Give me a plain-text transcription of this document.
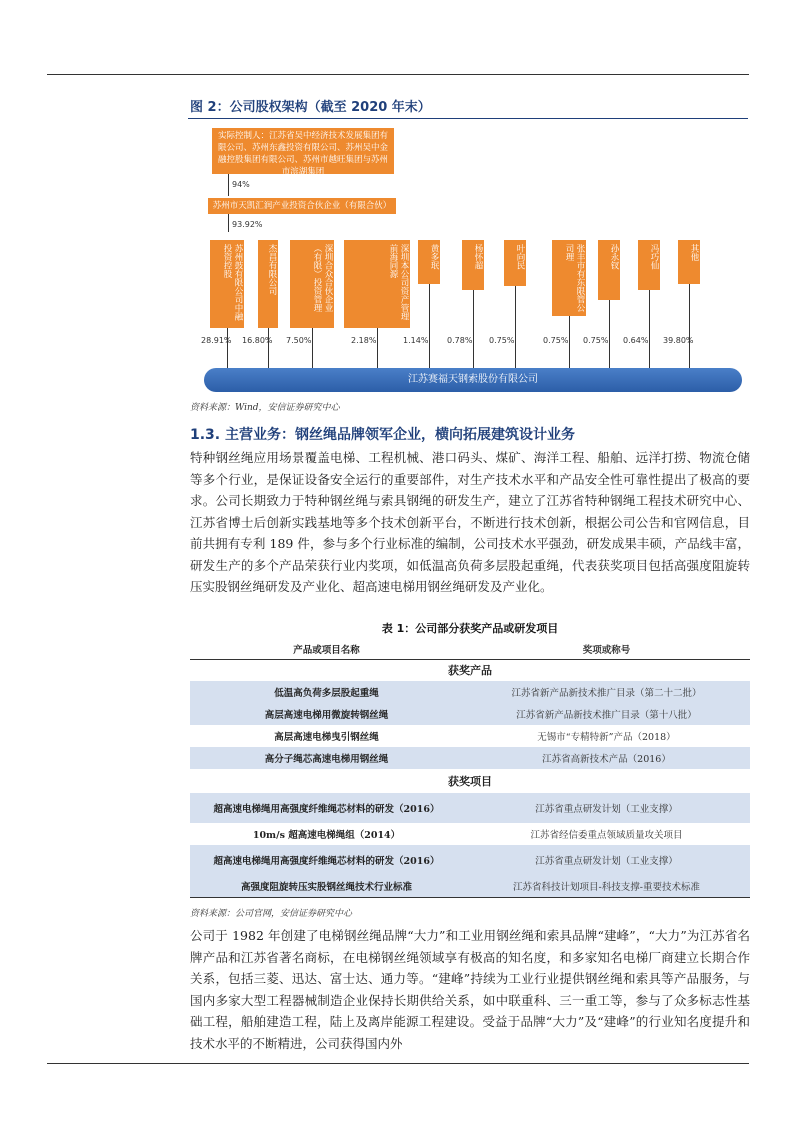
图 2：公司股权架构（截至 2020 年末）
实际控制人：江苏省吴中经济技术发展集团有限公司、苏州东鑫投资有限公司、苏州吴中金融控股集团有限公司、苏州市越旺集团与苏州市滨湖集团
94%
苏州市天凯汇润产业投资合伙企业（有限合伙）
93.92%
苏州鼓有限公司中融投资控股
28.91%
杰昌有限公司
16.80%
深圳合众合伙企业（有限）投资管理
7.50%
深圳本公司资产管理前海同源
2.18%
黄多珉
1.14%
杨怀超
0.78%
叶向民
0.75%
张丰市有东限管公司理
0.75%
孙永钗
0.75%
冯巧仙
0.64%
其他
39.80%
江苏赛福天钢索股份有限公司
资料来源：Wind，安信证券研究中心
1.3. 主营业务：钢丝绳品牌领军企业，横向拓展建筑设计业务
特种钢丝绳应用场景覆盖电梯、工程机械、港口码头、煤矿、海洋工程、船舶、远洋打捞、物流仓储等多个行业，是保证设备安全运行的重要部件，对生产技术水平和产品安全性可靠性提出了极高的要求。公司长期致力于特种钢丝绳与索具钢绳的研发生产，建立了江苏省特种钢绳工程技术研究中心、江苏省博士后创新实践基地等多个技术创新平台，不断进行技术创新，根据公司公告和官网信息，目前共拥有专利 189 件，参与多个行业标准的编制，公司技术水平强劲，研发成果丰硕，产品线丰富，研发生产的多个产品荣获行业内奖项，如低温高负荷多层股起重绳，代表获奖项目包括高强度阻旋转压实股钢丝绳研发及产业化、超高速电梯用钢丝绳研发及产业化。
表 1：公司部分获奖产品或研发项目
产品或项目名称	奖项或称号
获奖产品	
低温高负荷多层股起重绳	江苏省新产品新技术推广目录（第二十二批）
高层高速电梯用微旋转钢丝绳	江苏省新产品新技术推广目录（第十八批）
高层高速电梯曳引钢丝绳	无锡市“专精特新”产品（2018）
高分子绳芯高速电梯用钢丝绳	江苏省高新技术产品（2016）
获奖项目	
超高速电梯绳用高强度纤维绳芯材料的研发（2016）	江苏省重点研发计划（工业支撑）
10m/s 超高速电梯绳组（2014）	江苏省经信委重点领域质量攻关项目
超高速电梯绳用高强度纤维绳芯材料的研发（2016）	江苏省重点研发计划（工业支撑）
高强度阻旋转压实股钢丝绳技术行业标准	江苏省科技计划项目-科技支撑-重要技术标准
资料来源：公司官网，安信证券研究中心
公司于 1982 年创建了电梯钢丝绳品牌“大力”和工业用钢丝绳和索具品牌“建峰”，“大力”为江苏省名牌产品和江苏省著名商标，在电梯钢丝绳领域享有极高的知名度，和多家知名电梯厂商建立长期合作关系，包括三菱、迅达、富士达、通力等。“建峰”持续为工业行业提供钢丝绳和索具等产品服务，与国内多家大型工程器械制造企业保持长期供给关系，如中联重科、三一重工等，参与了众多标志性基础工程，船舶建造工程，陆上及离岸能源工程建设。受益于品牌“大力”及“建峰”的行业知名度提升和技术水平的不断精进，公司获得国内外
